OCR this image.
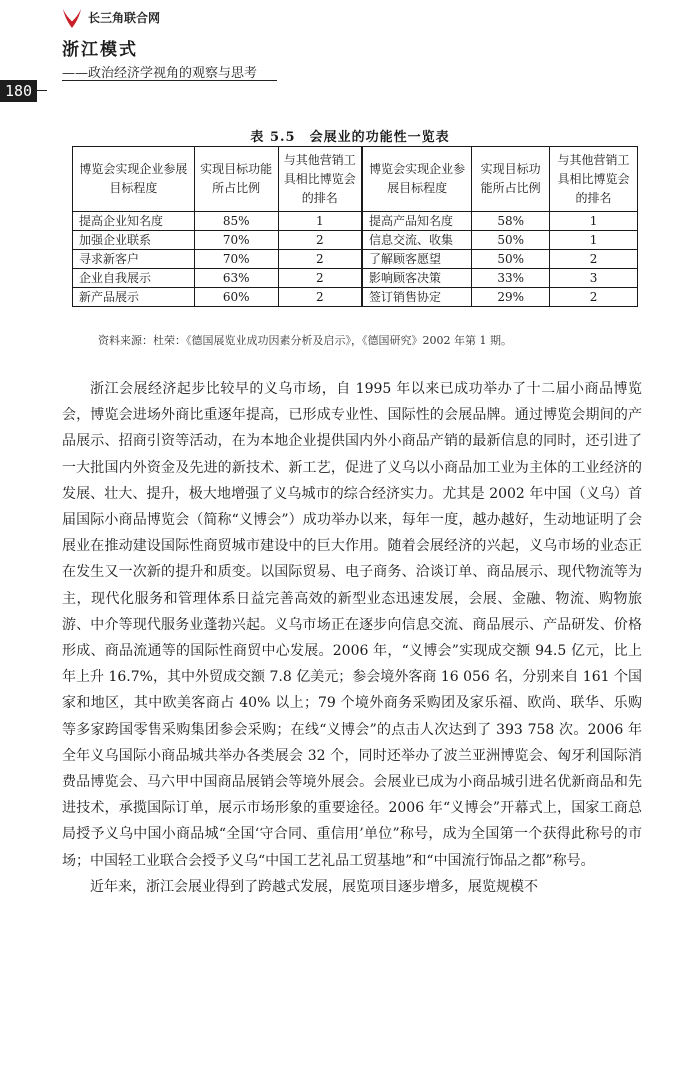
长三角联合网
浙江模式
——政治经济学视角的观察与思考
180
表 5.5　会展业的功能性一览表
博览会实现企业参展目标程度	实现目标功能所占比例	与其他营销工具相比博览会的排名	博览会实现企业参展目标程度	实现目标功能所占比例	与其他营销工具相比博览会的排名
提高企业知名度	85%	1	提高产品知名度	58%	1
加强企业联系	70%	2	信息交流、收集	50%	1
寻求新客户	70%	2	了解顾客愿望	50%	2
企业自我展示	63%	2	影响顾客决策	33%	3
新产品展示	60%	2	签订销售协定	29%	2
资料来源：杜荣：《德国展览业成功因素分析及启示》，《德国研究》2002 年第 1 期。

浙江会展经济起步比较早的义乌市场，自 1995 年以来已成功举办了十二届小商品博览会，博览会进场外商比重逐年提高，已形成专业性、国际性的会展品牌。通过博览会期间的产品展示、招商引资等活动，在为本地企业提供国内外小商品产销的最新信息的同时，还引进了一大批国内外资金及先进的新技术、新工艺，促进了义乌以小商品加工业为主体的工业经济的发展、壮大、提升，极大地增强了义乌城市的综合经济实力。尤其是 2002 年中国（义乌）首届国际小商品博览会（简称“义博会”）成功举办以来，每年一度，越办越好，生动地证明了会展业在推动建设国际性商贸城市建设中的巨大作用。随着会展经济的兴起，义乌市场的业态正在发生又一次新的提升和质变。以国际贸易、电子商务、洽谈订单、商品展示、现代物流等为主，现代化服务和管理体系日益完善高效的新型业态迅速发展，会展、金融、物流、购物旅游、中介等现代服务业蓬勃兴起。义乌市场正在逐步向信息交流、商品展示、产品研发、价格形成、商品流通等的国际性商贸中心发展。2006 年，“义博会”实现成交额 94.5 亿元，比上年上升 16.7%，其中外贸成交额 7.8 亿美元；参会境外客商 16 056 名，分别来自 161 个国家和地区，其中欧美客商占 40% 以上；79 个境外商务采购团及家乐福、欧尚、联华、乐购等多家跨国零售采购集团参会采购；在线“义博会”的点击人次达到了 393 758 次。2006 年全年义乌国际小商品城共举办各类展会 32 个，同时还举办了波兰亚洲博览会、匈牙利国际消费品博览会、马六甲中国商品展销会等境外展会。会展业已成为小商品城引进名优新商品和先进技术，承揽国际订单，展示市场形象的重要途径。2006 年“义博会”开幕式上，国家工商总局授予义乌中国小商品城“全国‘守合同、重信用’单位”称号，成为全国第一个获得此称号的市场；中国轻工业联合会授予义乌“中国工艺礼品工贸基地”和“中国流行饰品之都”称号。

近年来，浙江会展业得到了跨越式发展，展览项目逐步增多，展览规模不
